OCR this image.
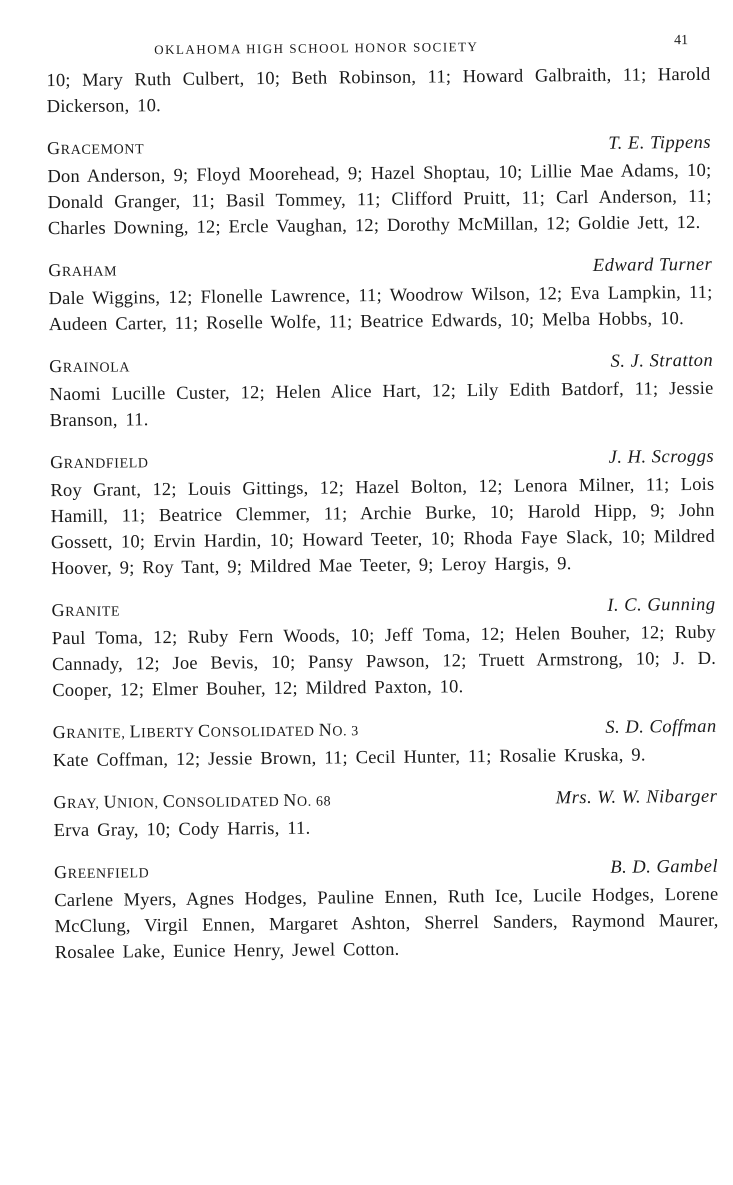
OKLAHOMA HIGH SCHOOL HONOR SOCIETY	41

10; Mary Ruth Culbert, 10; Beth Robinson, 11; Howard Galbraith, 11; Harold Dickerson, 10.

GRACEMONT	T. E. Tippens

Don Anderson, 9; Floyd Moorehead, 9; Hazel Shoptau, 10; Lillie Mae Adams, 10; Donald Granger, 11; Basil Tommey, 11; Clifford Pruitt, 11; Carl Anderson, 11; Charles Downing, 12; Ercle Vaughan, 12; Dorothy McMillan, 12; Goldie Jett, 12.

GRAHAM	Edward Turner

Dale Wiggins, 12; Flonelle Lawrence, 11; Woodrow Wilson, 12; Eva Lampkin, 11; Audeen Carter, 11; Roselle Wolfe, 11; Beatrice Edwards, 10; Melba Hobbs, 10.

GRAINOLA	S. J. Stratton

Naomi Lucille Custer, 12; Helen Alice Hart, 12; Lily Edith Batdorf, 11; Jessie Branson, 11.

GRANDFIELD	J. H. Scroggs

Roy Grant, 12; Louis Gittings, 12; Hazel Bolton, 12; Lenora Milner, 11; Lois Hamill, 11; Beatrice Clemmer, 11; Archie Burke, 10; Harold Hipp, 9; John Gossett, 10; Ervin Hardin, 10; Howard Teeter, 10; Rhoda Faye Slack, 10; Mildred Hoover, 9; Roy Tant, 9; Mildred Mae Teeter, 9; Leroy Hargis, 9.

GRANITE	I. C. Gunning

Paul Toma, 12; Ruby Fern Woods, 10; Jeff Toma, 12; Helen Bouher, 12; Ruby Cannady, 12; Joe Bevis, 10; Pansy Pawson, 12; Truett Armstrong, 10; J. D. Cooper, 12; Elmer Bouher, 12; Mildred Paxton, 10.

GRANITE, LIBERTY CONSOLIDATED NO. 3	S. D. Coffman

Kate Coffman, 12; Jessie Brown, 11; Cecil Hunter, 11; Rosalie Kruska, 9.

GRAY, UNION, CONSOLIDATED NO. 68	Mrs. W. W. Nibarger

Erva Gray, 10; Cody Harris, 11.

GREENFIELD	B. D. Gambel

Carlene Myers, Agnes Hodges, Pauline Ennen, Ruth Ice, Lucile Hodges, Lorene McClung, Virgil Ennen, Margaret Ashton, Sherrel Sanders, Raymond Maurer, Rosalee Lake, Eunice Henry, Jewel Cotton.
